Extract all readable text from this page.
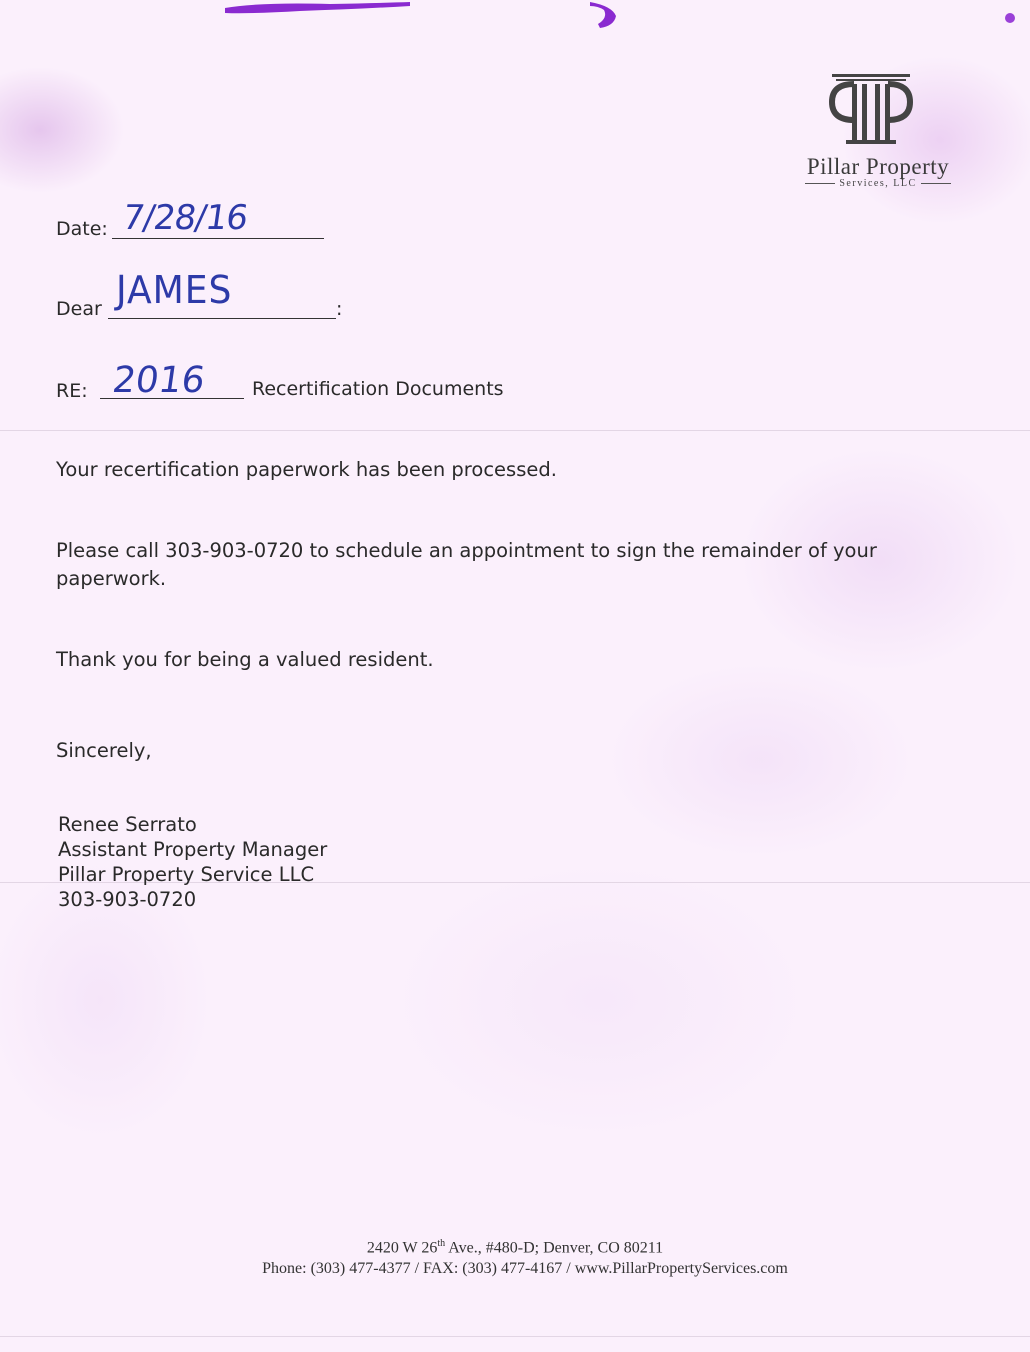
Pillar Property
Services, LLC
Date: 7/28/16
Dear	:
JAMES
RE: 2016 Recertification Documents
Your recertification paperwork has been processed.
Please call 303-903-0720 to schedule an appointment to sign the remainder of your paperwork.
Thank you for being a valued resident.
Sincerely,
Renee Serrato
Assistant Property Manager
Pillar Property Service LLC
303-903-0720
2420 W 26th Ave., #480-D; Denver, CO 80211
Phone: (303) 477-4377 / FAX: (303) 477-4167 / www.PillarPropertyServices.com
